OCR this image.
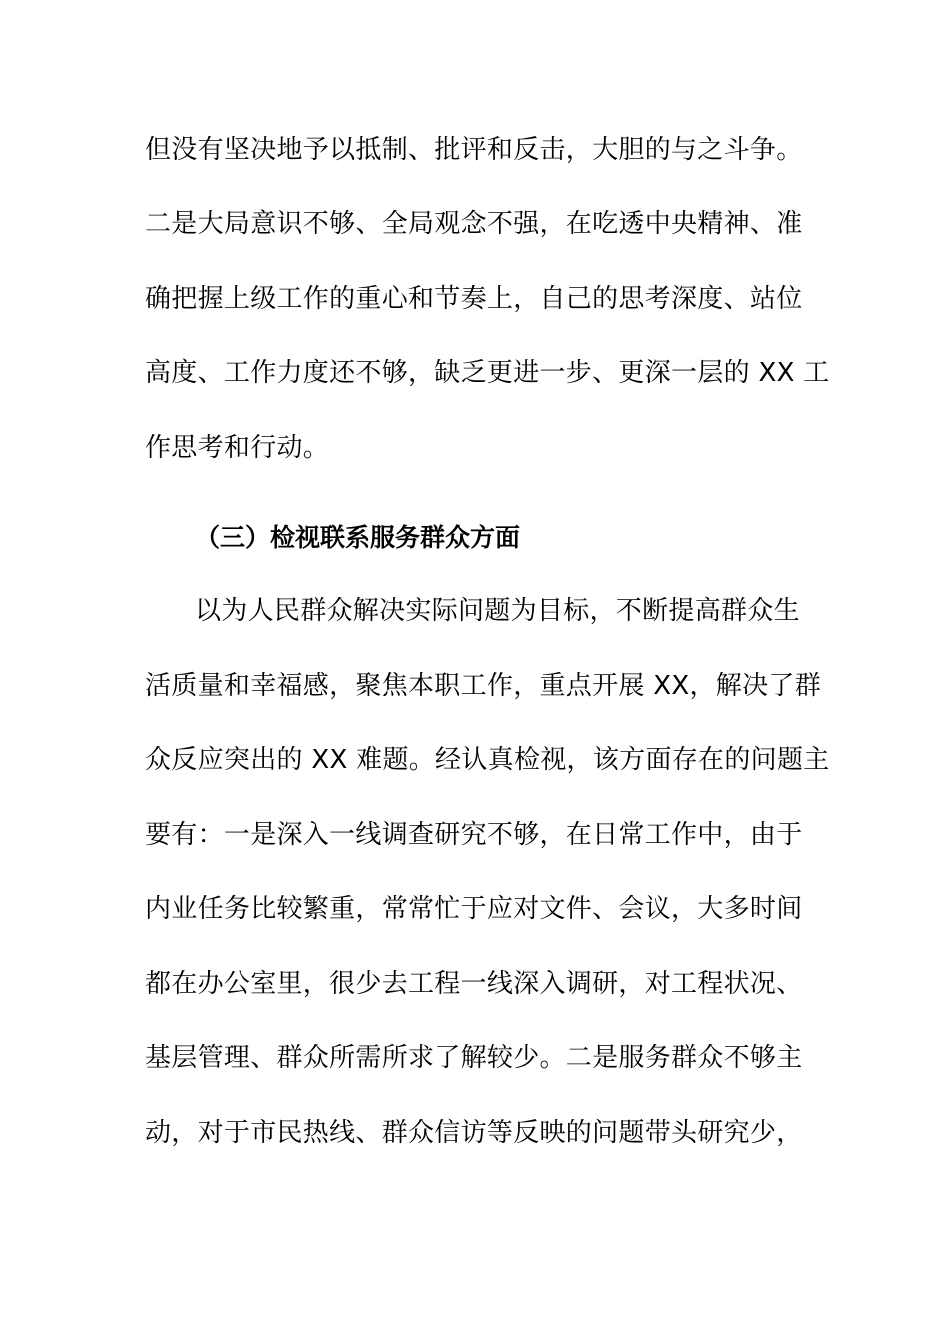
但没有坚决地予以抵制、批评和反击，大胆的与之斗争。
二是大局意识不够、全局观念不强，在吃透中央精神、准
确把握上级工作的重心和节奏上，自己的思考深度、站位
高度、工作力度还不够，缺乏更进一步、更深一层的 XX 工
作思考和行动。
（三）检视联系服务群众方面
以为人民群众解决实际问题为目标，不断提高群众生
活质量和幸福感，聚焦本职工作，重点开展 XX，解决了群
众反应突出的 XX 难题。经认真检视，该方面存在的问题主
要有：一是深入一线调查研究不够，在日常工作中，由于
内业任务比较繁重，常常忙于应对文件、会议，大多时间
都在办公室里，很少去工程一线深入调研，对工程状况、
基层管理、群众所需所求了解较少。二是服务群众不够主
动，对于市民热线、群众信访等反映的问题带头研究少，
